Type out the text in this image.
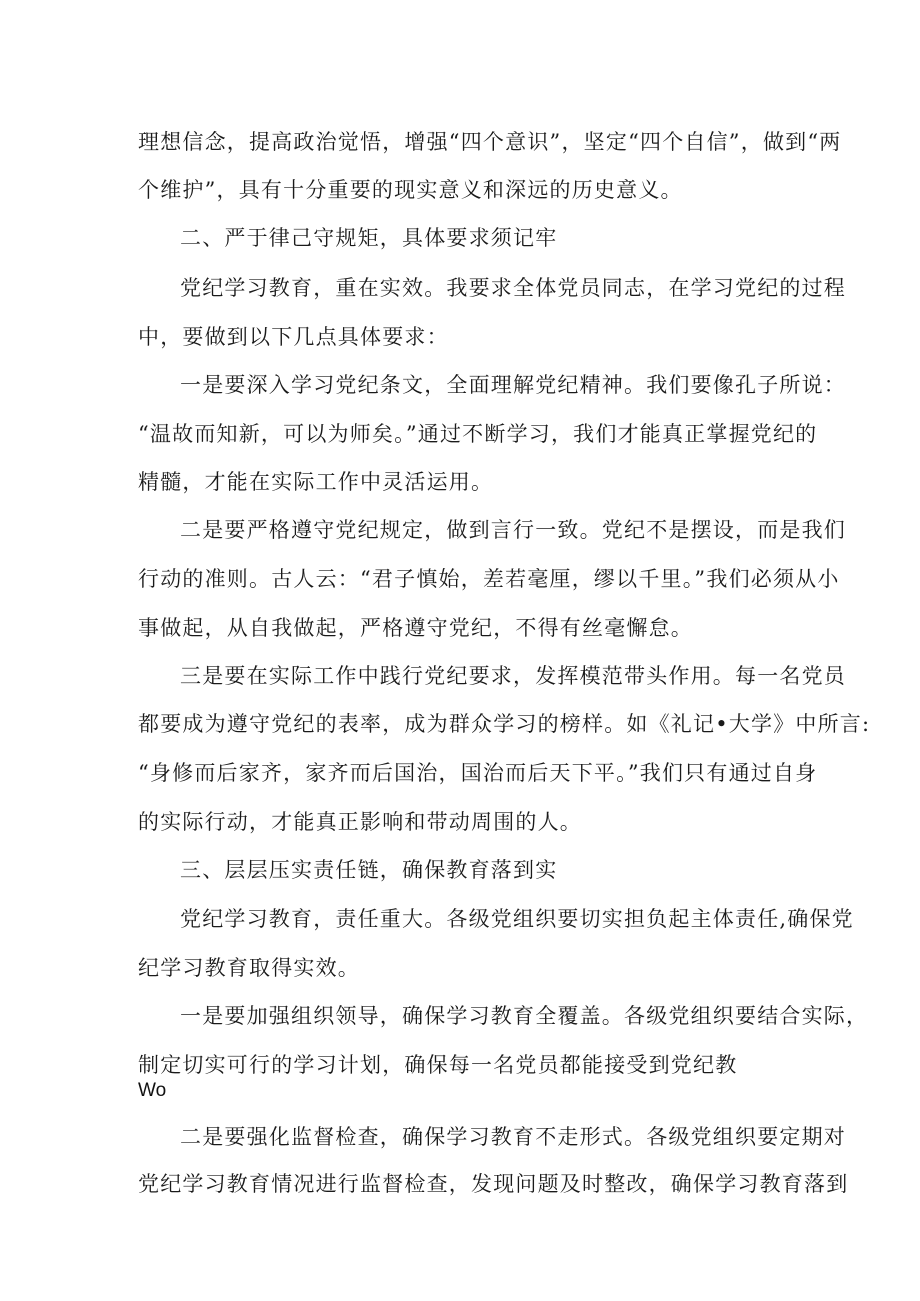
理想信念，提高政治觉悟，增强“四个意识”，坚定“四个自信”，做到“两
个维护”，具有十分重要的现实意义和深远的历史意义。
二、严于律己守规矩，具体要求须记牢
党纪学习教育，重在实效。我要求全体党员同志，在学习党纪的过程
中，要做到以下几点具体要求：
一是要深入学习党纪条文，全面理解党纪精神。我们要像孔子所说：
“温故而知新，可以为师矣。”通过不断学习，我们才能真正掌握党纪的
精髓，才能在实际工作中灵活运用。
二是要严格遵守党纪规定，做到言行一致。党纪不是摆设，而是我们
行动的准则。古人云：“君子慎始，差若毫厘，缪以千里。”我们必须从小
事做起，从自我做起，严格遵守党纪，不得有丝毫懈怠。
三是要在实际工作中践行党纪要求，发挥模范带头作用。每一名党员
都要成为遵守党纪的表率，成为群众学习的榜样。如《礼记•大学》中所言:
“身修而后家齐，家齐而后国治，国治而后天下平。”我们只有通过自身
的实际行动，才能真正影响和带动周围的人。
三、层层压实责任链，确保教育落到实
党纪学习教育，责任重大。各级党组织要切实担负起主体责任,确保党
纪学习教育取得实效。
一是要加强组织领导，确保学习教育全覆盖。各级党组织要结合实际，
制定切实可行的学习计划，确保每一名党员都能接受到党纪教
Wo
二是要强化监督检查，确保学习教育不走形式。各级党组织要定期对
党纪学习教育情况进行监督检查，发现问题及时整改，确保学习教育落到
